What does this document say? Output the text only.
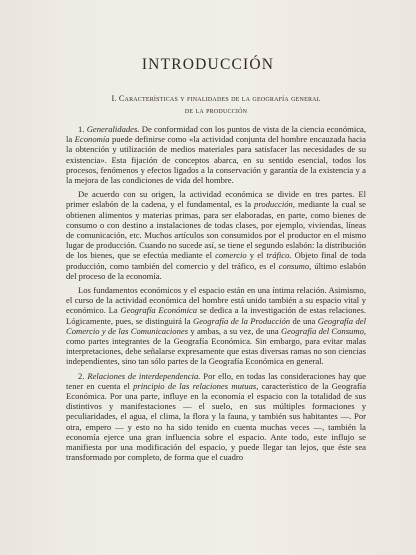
INTRODUCCIÓN
I. Características y finalidades de la geografía general
de la producción

1. Generalidades. De conformidad con los puntos de vista de la ciencia económica, la Economía puede definirse como «la actividad conjunta del hombre encauzada hacia la obtención y utilización de medios materiales para satisfacer las necesidades de su existencia». Esta fijación de conceptos abarca, en su sentido esencial, todos los procesos, fenómenos y efectos ligados a la conservación y garantía de la existencia y a la mejora de las condiciones de vida del hombre.

De acuerdo con su origen, la actividad económica se divide en tres partes. El primer eslabón de la cadena, y el fundamental, es la producción, mediante la cual se obtienen alimentos y materias primas, para ser elaboradas, en parte, como bienes de consumo o con destino a instalaciones de todas clases, por ejemplo, viviendas, líneas de comunicación, etc. Muchos artículos son consumidos por el productor en el mismo lugar de producción. Cuando no sucede así, se tiene el segundo eslabón: la distribución de los bienes, que se efectúa mediante el comercio y el tráfico. Objeto final de toda producción, como también del comercio y del tráfico, es el consumo, último eslabón del proceso de la economía.

Los fundamentos económicos y el espacio están en una íntima relación. Asimismo, el curso de la actividad económica del hombre está unido también a su espacio vital y económico. La Geografía Económica se dedica a la investigación de estas relaciones. Lógicamente, pues, se distinguirá la Geografía de la Producción de una Geografía del Comercio y de las Comunicaciones y ambas, a su vez, de una Geografía del Consumo, como partes integrantes de la Geografía Económica. Sin embargo, para evitar malas interpretaciones, debe señalarse expresamente que estas diversas ramas no son ciencias independientes, sino tan sólo partes de la Geografía Económica en general.

2. Relaciones de interdependencia. Por ello, en todas las consideraciones hay que tener en cuenta el principio de las relaciones mutuas, característico de la Geografía Económica. Por una parte, influye en la economía el espacio con la totalidad de sus distintivos y manifestaciones — el suelo, en sus múltiples formaciones y peculiaridades, el agua, el clima, la flora y la fauna, y también sus habitantes —. Por otra, empero — y esto no ha sido tenido en cuenta muchas veces —, también la economía ejerce una gran influencia sobre el espacio. Ante todo, este influjo se manifiesta por una modificación del espacio, y puede llegar tan lejos, que éste sea transformado por completo, de forma que el cuadro
